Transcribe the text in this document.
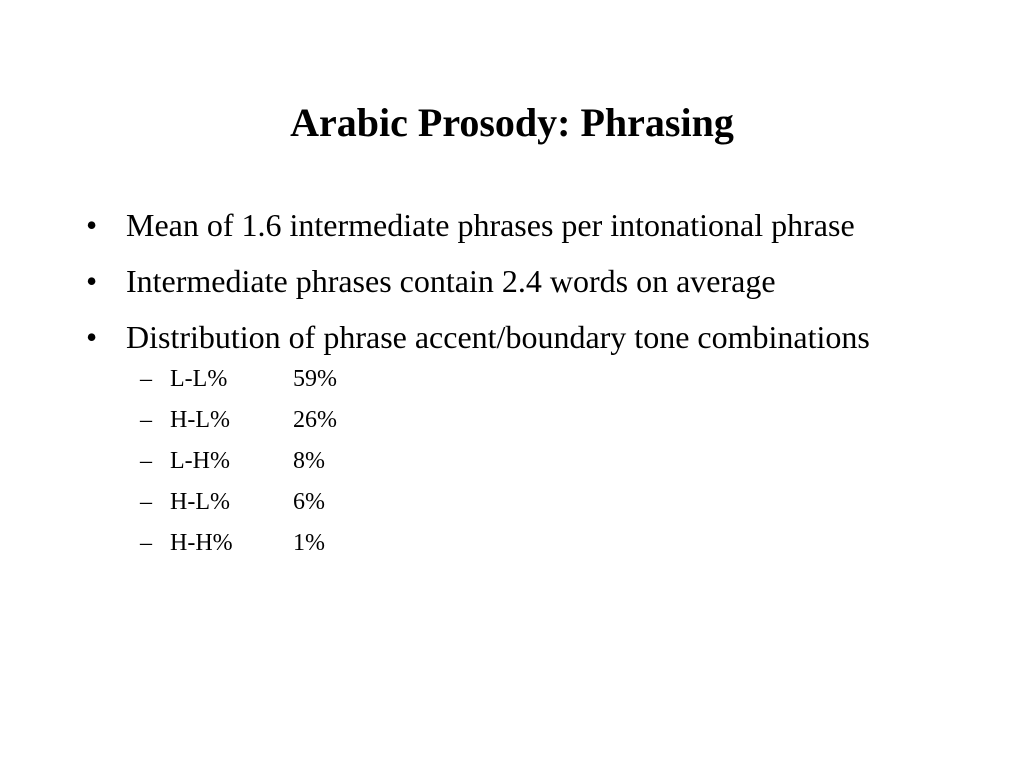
Arabic Prosody: Phrasing
• Mean of 1.6 intermediate phrases per intonational phrase
• Intermediate phrases contain 2.4 words on average
• Distribution of phrase accent/boundary tone combinations
– L-L%	59%
– H-L%	26%
– L-H%	8%
– H-L%	6%
– H-H%	1%
